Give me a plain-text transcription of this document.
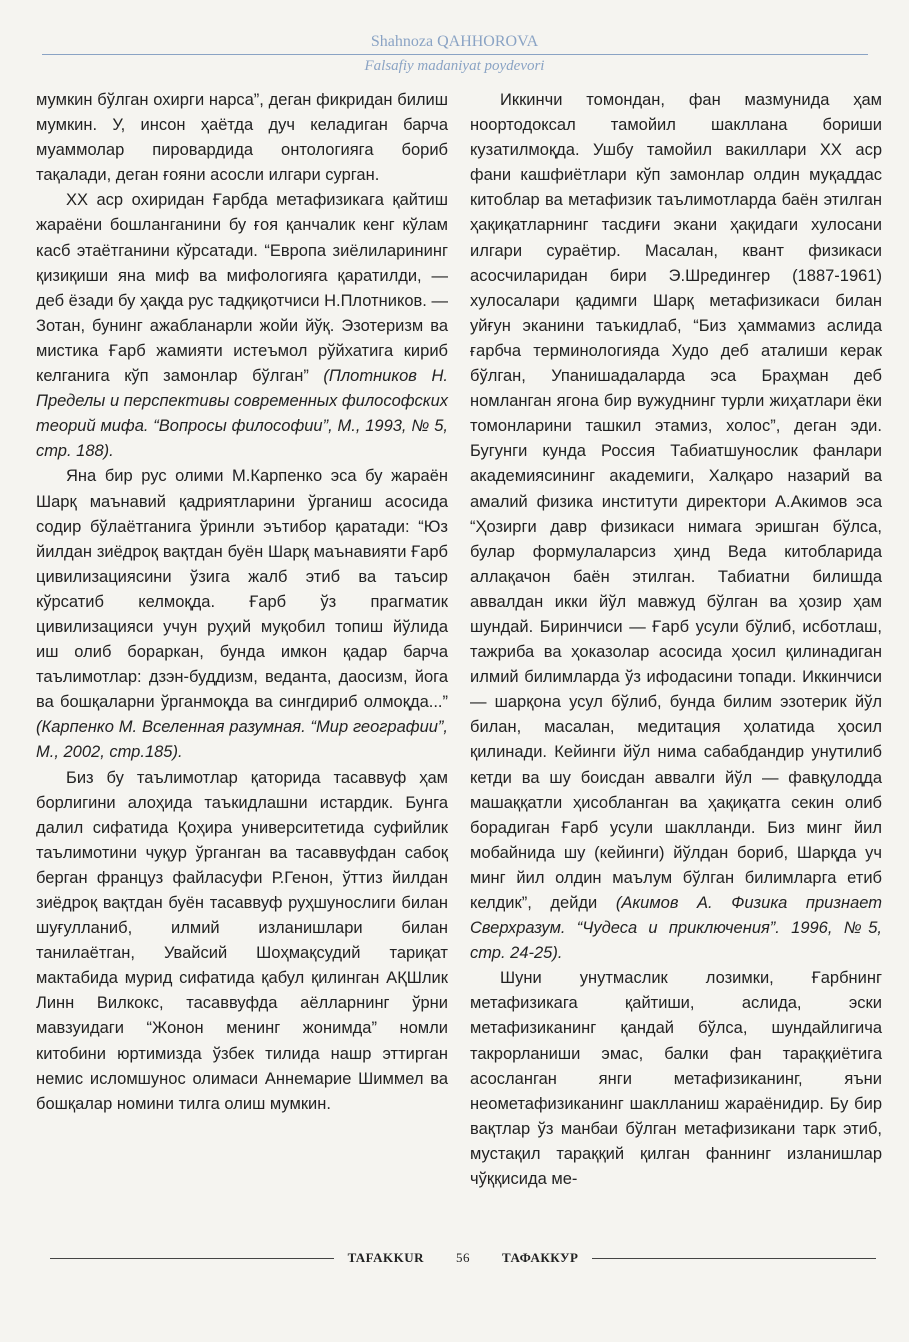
Shahnoza QAHHOROVA
Falsafiy madaniyat poydevori

мумкин бўлган охирги нарса”, деган фикридан билиш мумкин. У, инсон ҳаётда дуч келадиган барча муаммолар пировардида онтологияга бориб тақалади, деган ғояни асосли илгари сурган.

XX аср охиридан Ғарбда метафизикага қайтиш жараёни бошланганини бу ғоя қанчалик кенг кўлам касб этаётганини кўрсатади. “Европа зиёлиларининг қизиқиши яна миф ва мифологияга қаратилди, — деб ёзади бу ҳақда рус тадқиқотчиси Н.Плотников. — Зотан, бунинг ажабланарли жойи йўқ. Эзотеризм ва мистика Ғарб жамияти истеъмол рўйхатига кириб келганига кўп замонлар бўлган” (Плотников Н. Пределы и перспективы современных философских теорий мифа. “Вопросы философии”, М., 1993, № 5, стр. 188).

Яна бир рус олими М.Карпенко эса бу жараён Шарқ маънавий қадриятларини ўрганиш асосида содир бўлаётганига ўринли эътибор қаратади: “Юз йилдан зиёдроқ вақтдан буён Шарқ маънавияти Ғарб цивилизациясини ўзига жалб этиб ва таъсир кўрсатиб келмоқда. Ғарб ўз прагматик цивилизацияси учун руҳий муқобил топиш йўлида иш олиб бораркан, бунда имкон қадар барча таълимотлар: дзэн-буддизм, веданта, даосизм, йога ва бошқаларни ўрганмоқда ва сингдириб олмоқда...” (Карпенко М. Вселенная разумная. “Мир географии”, М., 2002, стр.185).

Биз бу таълимотлар қаторида тасаввуф ҳам борлигини алоҳида таъкидлашни истардик. Бунга далил сифатида Қоҳира университетида суфийлик таълимотини чуқур ўрганган ва тасаввуфдан сабоқ берган француз файласуфи Р.Генон, ўттиз йилдан зиёдроқ вақтдан буён тасаввуф руҳшунослиги билан шуғулланиб, илмий изланишлари билан танилаётган, Увайсий Шоҳмақсудий тариқат мактабида мурид сифатида қабул қилинган АҚШлик Линн Вилкокс, тасаввуфда аёлларнинг ўрни мавзуидаги “Жонон менинг жонимда” номли китобини юртимизда ўзбек тилида нашр эттирган немис исломшунос олимаси Аннемарие Шиммел ва бошқалар номини тилга олиш мумкин.

Иккинчи томондан, фан мазмунида ҳам ноортодоксал тамойил шакллана бориши кузатилмоқда. Ушбу тамойил вакиллари XX аср фани кашфиётлари кўп замонлар олдин муқаддас китоблар ва метафизик таълимотларда баён этилган ҳақиқатларнинг тасдиғи экани ҳақидаги хулосани илгари сураётир. Масалан, квант физикаси асосчиларидан бири Э.Шредингер (1887-1961) хулосалари қадимги Шарқ метафизикаси билан уйғун эканини таъкидлаб, “Биз ҳаммамиз аслида ғарбча терминологияда Худо деб аталиши керак бўлган, Упанишадаларда эса Браҳман деб номланган ягона бир вужуднинг турли жиҳатлари ёки томонларини ташкил этамиз, холос”, деган эди. Бугунги кунда Россия Табиатшунослик фанлари академиясининг академиги, Халқаро назарий ва амалий физика институти директори А.Акимов эса “Ҳозирги давр физикаси нимага эришган бўлса, булар формулаларсиз ҳинд Веда китобларида аллақачон баён этилган. Табиатни билишда аввалдан икки йўл мавжуд бўлган ва ҳозир ҳам шундай. Биринчиси — Ғарб усули бўлиб, исботлаш, тажриба ва ҳоказолар асосида ҳосил қилинадиган илмий билимларда ўз ифодасини топади. Иккинчиси — шарқона усул бўлиб, бунда билим эзотерик йўл билан, масалан, медитация ҳолатида ҳосил қилинади. Кейинги йўл нима сабабдандир унутилиб кетди ва шу боисдан аввалги йўл — фавқулодда машаққатли ҳисобланган ва ҳақиқатга секин олиб борадиган Ғарб усули шаклланди. Биз минг йил мобайнида шу (кейинги) йўлдан бориб, Шарқда уч минг йил олдин маълум бўлган билимларга етиб келдик”, дейди (Акимов А. Физика признает Сверхразум. “Чудеса и приключения”. 1996, №5, стр. 24-25).

Шуни унутмаслик лозимки, Ғарбнинг метафизикага қайтиши, аслида, эски метафизиканинг қандай бўлса, шундайлигича такрорланиши эмас, балки фан тараққиётига асосланган янги метафизиканинг, яъни неометафизиканинг шаклланиш жараёнидир. Бу бир вақтлар ўз манбаи бўлган метафизикани тарк этиб, мустақил тараққий қилган фаннинг изланишлар чўққисида ме-

TAFAKKUR	56	ТАФАККУР
